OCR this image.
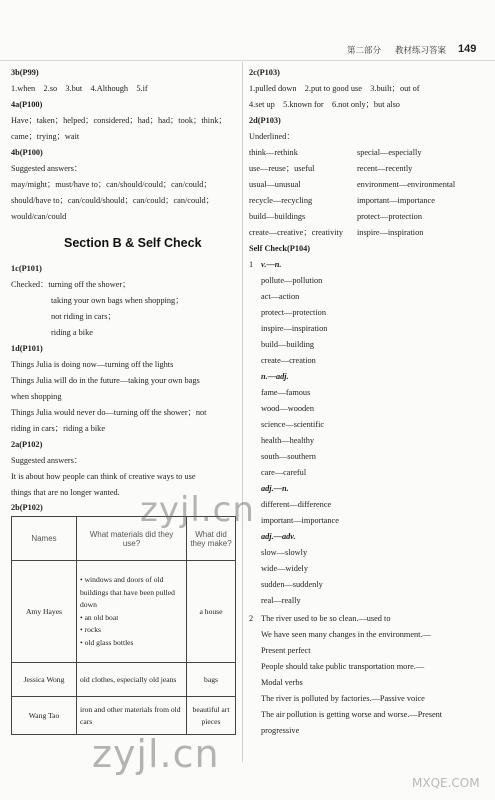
第二部分 教材练习答案 149
3b(P99)
1.when    2.so    3.but    4.Although    5.if
4a(P100)
Have；taken；helped；considered；had；had；took；think；
came；trying；wait
4b(P100)
Suggested answers：
may/might；must/have to；can/should/could；can/could；
should/have to；can/could/should；can/could；can/could；
would/can/could
Section B & Self Check
1c(P101)
Checked：turning off the shower；
taking your own bags when shopping；
not riding in cars；
riding a bike
1d(P101)
Things Julia is doing now—turning off the lights
Things Julia will do in the future—taking your own bags
when shopping
Things Julia would never do—turning off the shower；not
riding in cars；riding a bike
2a(P102)
Suggested answers：
It is about how people can think of creative ways to use
things that are no longer wanted.
2b(P102)
Names	What materials did they use?	What did they make?
Amy Hayes	• windows and doors of old buildings that have been pulled down
• an old boat
• rocks
• old glass bottles	a house
Jessica Wong	old clothes, especially old jeans	bags
Wang Tao	iron and other materials from old cars	beautiful art pieces
2c(P103)
1.pulled down    2.put to good use    3.built；out of
4.set up    5.known for    6.not only；but also
2d(P103)
Underlined：
think—rethink	special—especially
use—reuse；useful	recent—recently
usual—unusual	environment—environmental
recycle—recycling	important—importance
build—buildings	protect—protection
create—creative；creativity inspire—inspiration
Self Check(P104)
1 v.—n.
pollute—pollution
act—action
protect—protection
inspire—inspiration
build—building
create—creation
n.—adj.
fame—famous
wood—wooden
science—scientific
health—healthy
south—southern
care—careful
adj.—n.
different—difference
important—importance
adj.—adv.
slow—slowly
wide—widely
sudden—suddenly
real—really
2 The river used to be so clean.—used to
We have seen many changes in the environment.—
Present perfect
People should take public transportation more.—
Modal verbs
The river is polluted by factories.—Passive voice
The air pollution is getting worse and worse.—Present
progressive
zyjl.cn
zyjl.cn
MXQE.COM
